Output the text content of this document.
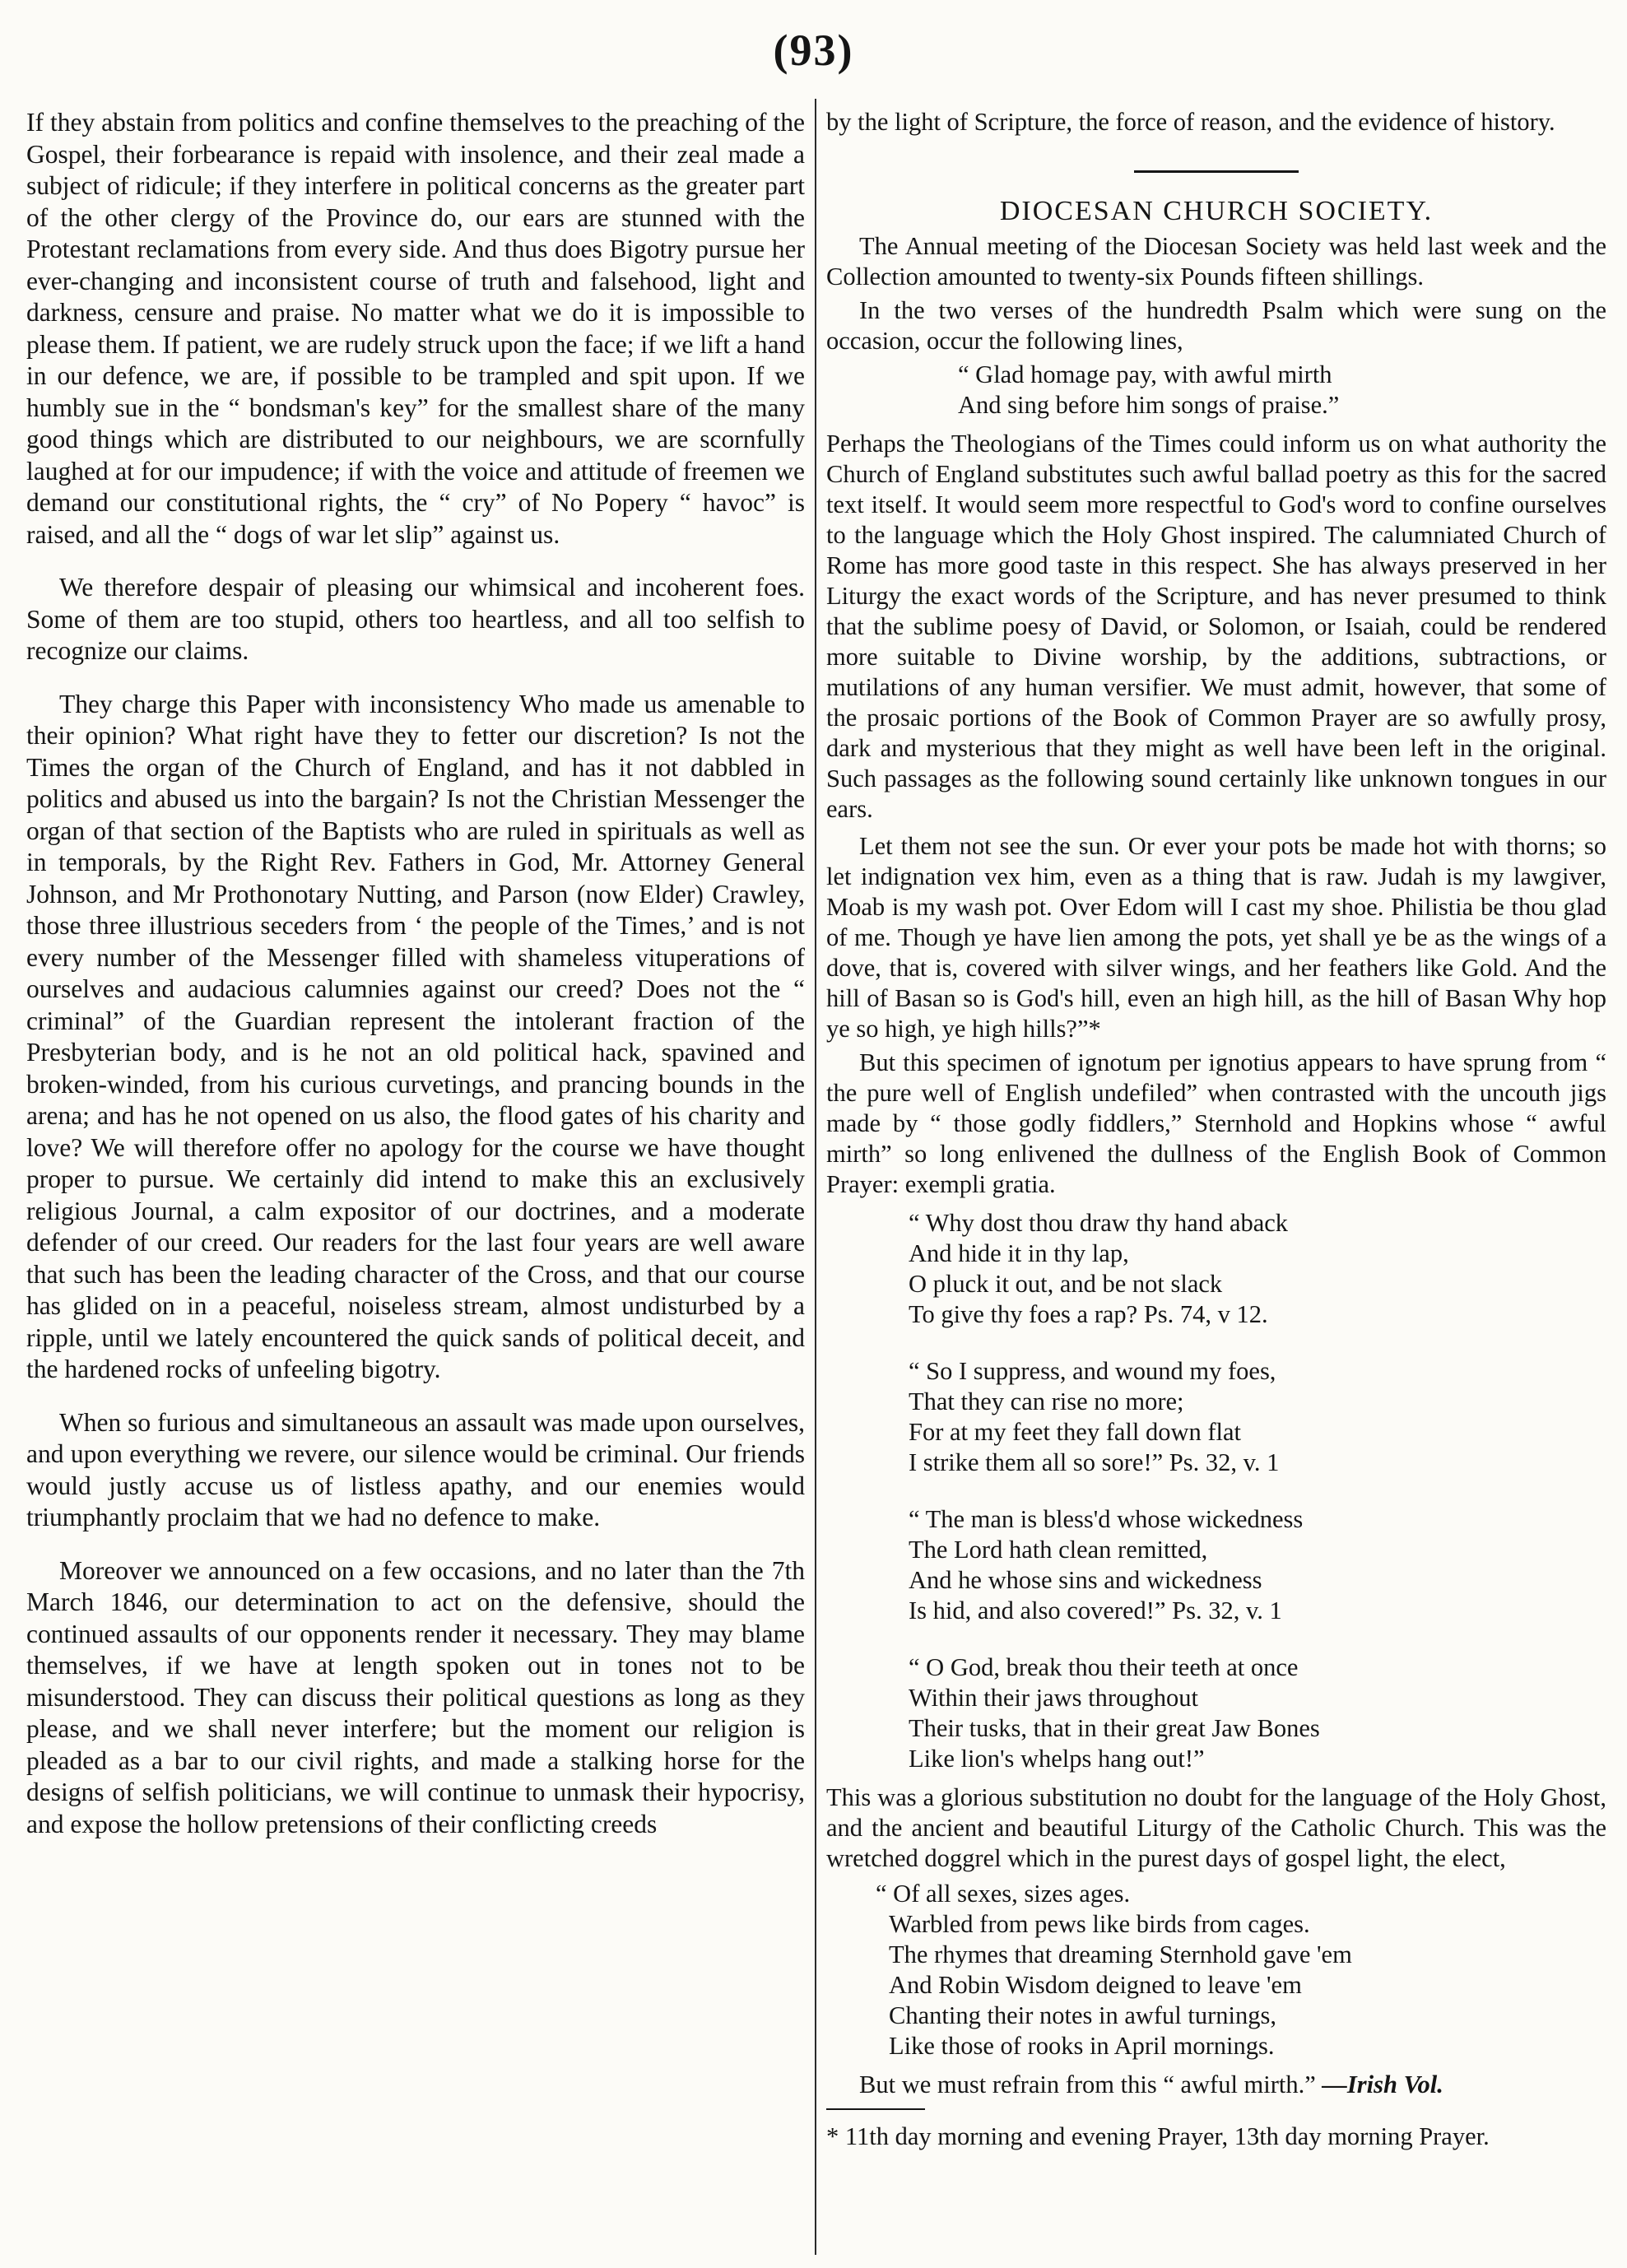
(93)

If they abstain from politics and confine themselves to the preaching of the Gospel, their forbearance is repaid with insolence, and their zeal made a subject of ridicule; if they interfere in political concerns as the greater part of the other clergy of the Province do, our ears are stunned with the Protestant reclamations from every side. And thus does Bigotry pursue her ever-changing and inconsistent course of truth and falsehood, light and darkness, censure and praise. No matter what we do it is impossible to please them. If patient, we are rudely struck upon the face; if we lift a hand in our defence, we are, if possible to be trampled and spit upon. If we humbly sue in the “ bondsman's key” for the smallest share of the many good things which are distributed to our neighbours, we are scornfully laughed at for our impudence; if with the voice and attitude of freemen we demand our constitutional rights, the “ cry” of No Popery “ havoc” is raised, and all the “ dogs of war let slip” against us.

We therefore despair of pleasing our whimsical and incoherent foes. Some of them are too stupid, others too heartless, and all too selfish to recognize our claims.

They charge this Paper with inconsistency Who made us amenable to their opinion? What right have they to fetter our discretion? Is not the Times the organ of the Church of England, and has it not dabbled in politics and abused us into the bargain? Is not the Christian Messenger the organ of that section of the Baptists who are ruled in spirituals as well as in temporals, by the Right Rev. Fathers in God, Mr. Attorney General Johnson, and Mr Prothonotary Nutting, and Parson (now Elder) Crawley, those three illustrious seceders from ‘ the people of the Times,’ and is not every number of the Messenger filled with shameless vituperations of ourselves and audacious calumnies against our creed? Does not the “ criminal” of the Guardian represent the intolerant fraction of the Presbyterian body, and is he not an old political hack, spavined and broken-winded, from his curious curvetings, and prancing bounds in the arena; and has he not opened on us also, the flood gates of his charity and love? We will therefore offer no apology for the course we have thought proper to pursue. We certainly did intend to make this an exclusively religious Journal, a calm expositor of our doctrines, and a moderate defender of our creed. Our readers for the last four years are well aware that such has been the leading character of the Cross, and that our course has glided on in a peaceful, noiseless stream, almost undisturbed by a ripple, until we lately encountered the quick sands of political deceit, and the hardened rocks of unfeeling bigotry.

When so furious and simultaneous an assault was made upon ourselves, and upon everything we revere, our silence would be criminal. Our friends would justly accuse us of listless apathy, and our enemies would triumphantly proclaim that we had no defence to make.

Moreover we announced on a few occasions, and no later than the 7th March 1846, our determination to act on the defensive, should the continued assaults of our opponents render it necessary. They may blame themselves, if we have at length spoken out in tones not to be misunderstood. They can discuss their political questions as long as they please, and we shall never interfere; but the moment our religion is pleaded as a bar to our civil rights, and made a stalking horse for the designs of selfish politicians, we will continue to unmask their hypocrisy, and expose the hollow pretensions of their conflicting creeds

by the light of Scripture, the force of reason, and the evidence of history.

DIOCESAN CHURCH SOCIETY.

The Annual meeting of the Diocesan Society was held last week and the Collection amounted to twenty-six Pounds fifteen shillings.

In the two verses of the hundredth Psalm which were sung on the occasion, occur the following lines,

“ Glad homage pay, with awful mirth
And sing before him songs of praise.”

Perhaps the Theologians of the Times could inform us on what authority the Church of England substitutes such awful ballad poetry as this for the sacred text itself. It would seem more respectful to God's word to confine ourselves to the language which the Holy Ghost inspired. The calumniated Church of Rome has more good taste in this respect. She has always preserved in her Liturgy the exact words of the Scripture, and has never presumed to think that the sublime poesy of David, or Solomon, or Isaiah, could be rendered more suitable to Divine worship, by the additions, subtractions, or mutilations of any human versifier. We must admit, however, that some of the prosaic portions of the Book of Common Prayer are so awfully prosy, dark and mysterious that they might as well have been left in the original. Such passages as the following sound certainly like unknown tongues in our ears.

Let them not see the sun. Or ever your pots be made hot with thorns; so let indignation vex him, even as a thing that is raw. Judah is my lawgiver, Moab is my wash pot. Over Edom will I cast my shoe. Philistia be thou glad of me. Though ye have lien among the pots, yet shall ye be as the wings of a dove, that is, covered with silver wings, and her feathers like Gold. And the hill of Basan so is God's hill, even an high hill, as the hill of Basan Why hop ye so high, ye high hills?”*

But this specimen of ignotum per ignotius appears to have sprung from “ the pure well of English undefiled” when contrasted with the uncouth jigs made by “ those godly fiddlers,” Sternhold and Hopkins whose “ awful mirth” so long enlivened the dullness of the English Book of Common Prayer: exempli gratia.

“ Why dost thou draw thy hand aback
And hide it in thy lap,
O pluck it out, and be not slack
To give thy foes a rap? Ps. 74, v 12.
“ So I suppress, and wound my foes,
That they can rise no more;
For at my feet they fall down flat
I strike them all so sore!” Ps. 32, v. 1
“ The man is bless'd whose wickedness
The Lord hath clean remitted,
And he whose sins and wickedness
Is hid, and also covered!” Ps. 32, v. 1
“ O God, break thou their teeth at once
Within their jaws throughout
Their tusks, that in their great Jaw Bones
Like lion's whelps hang out!”

This was a glorious substitution no doubt for the language of the Holy Ghost, and the ancient and beautiful Liturgy of the Catholic Church. This was the wretched doggrel which in the purest days of gospel light, the elect,

“ Of all sexes, sizes ages.
Warbled from pews like birds from cages.
The rhymes that dreaming Sternhold gave 'em
And Robin Wisdom deigned to leave 'em
Chanting their notes in awful turnings,
Like those of rooks in April mornings.

But we must refrain from this “ awful mirth.” —Irish Vol.

* 11th day morning and evening Prayer, 13th day morning Prayer.
